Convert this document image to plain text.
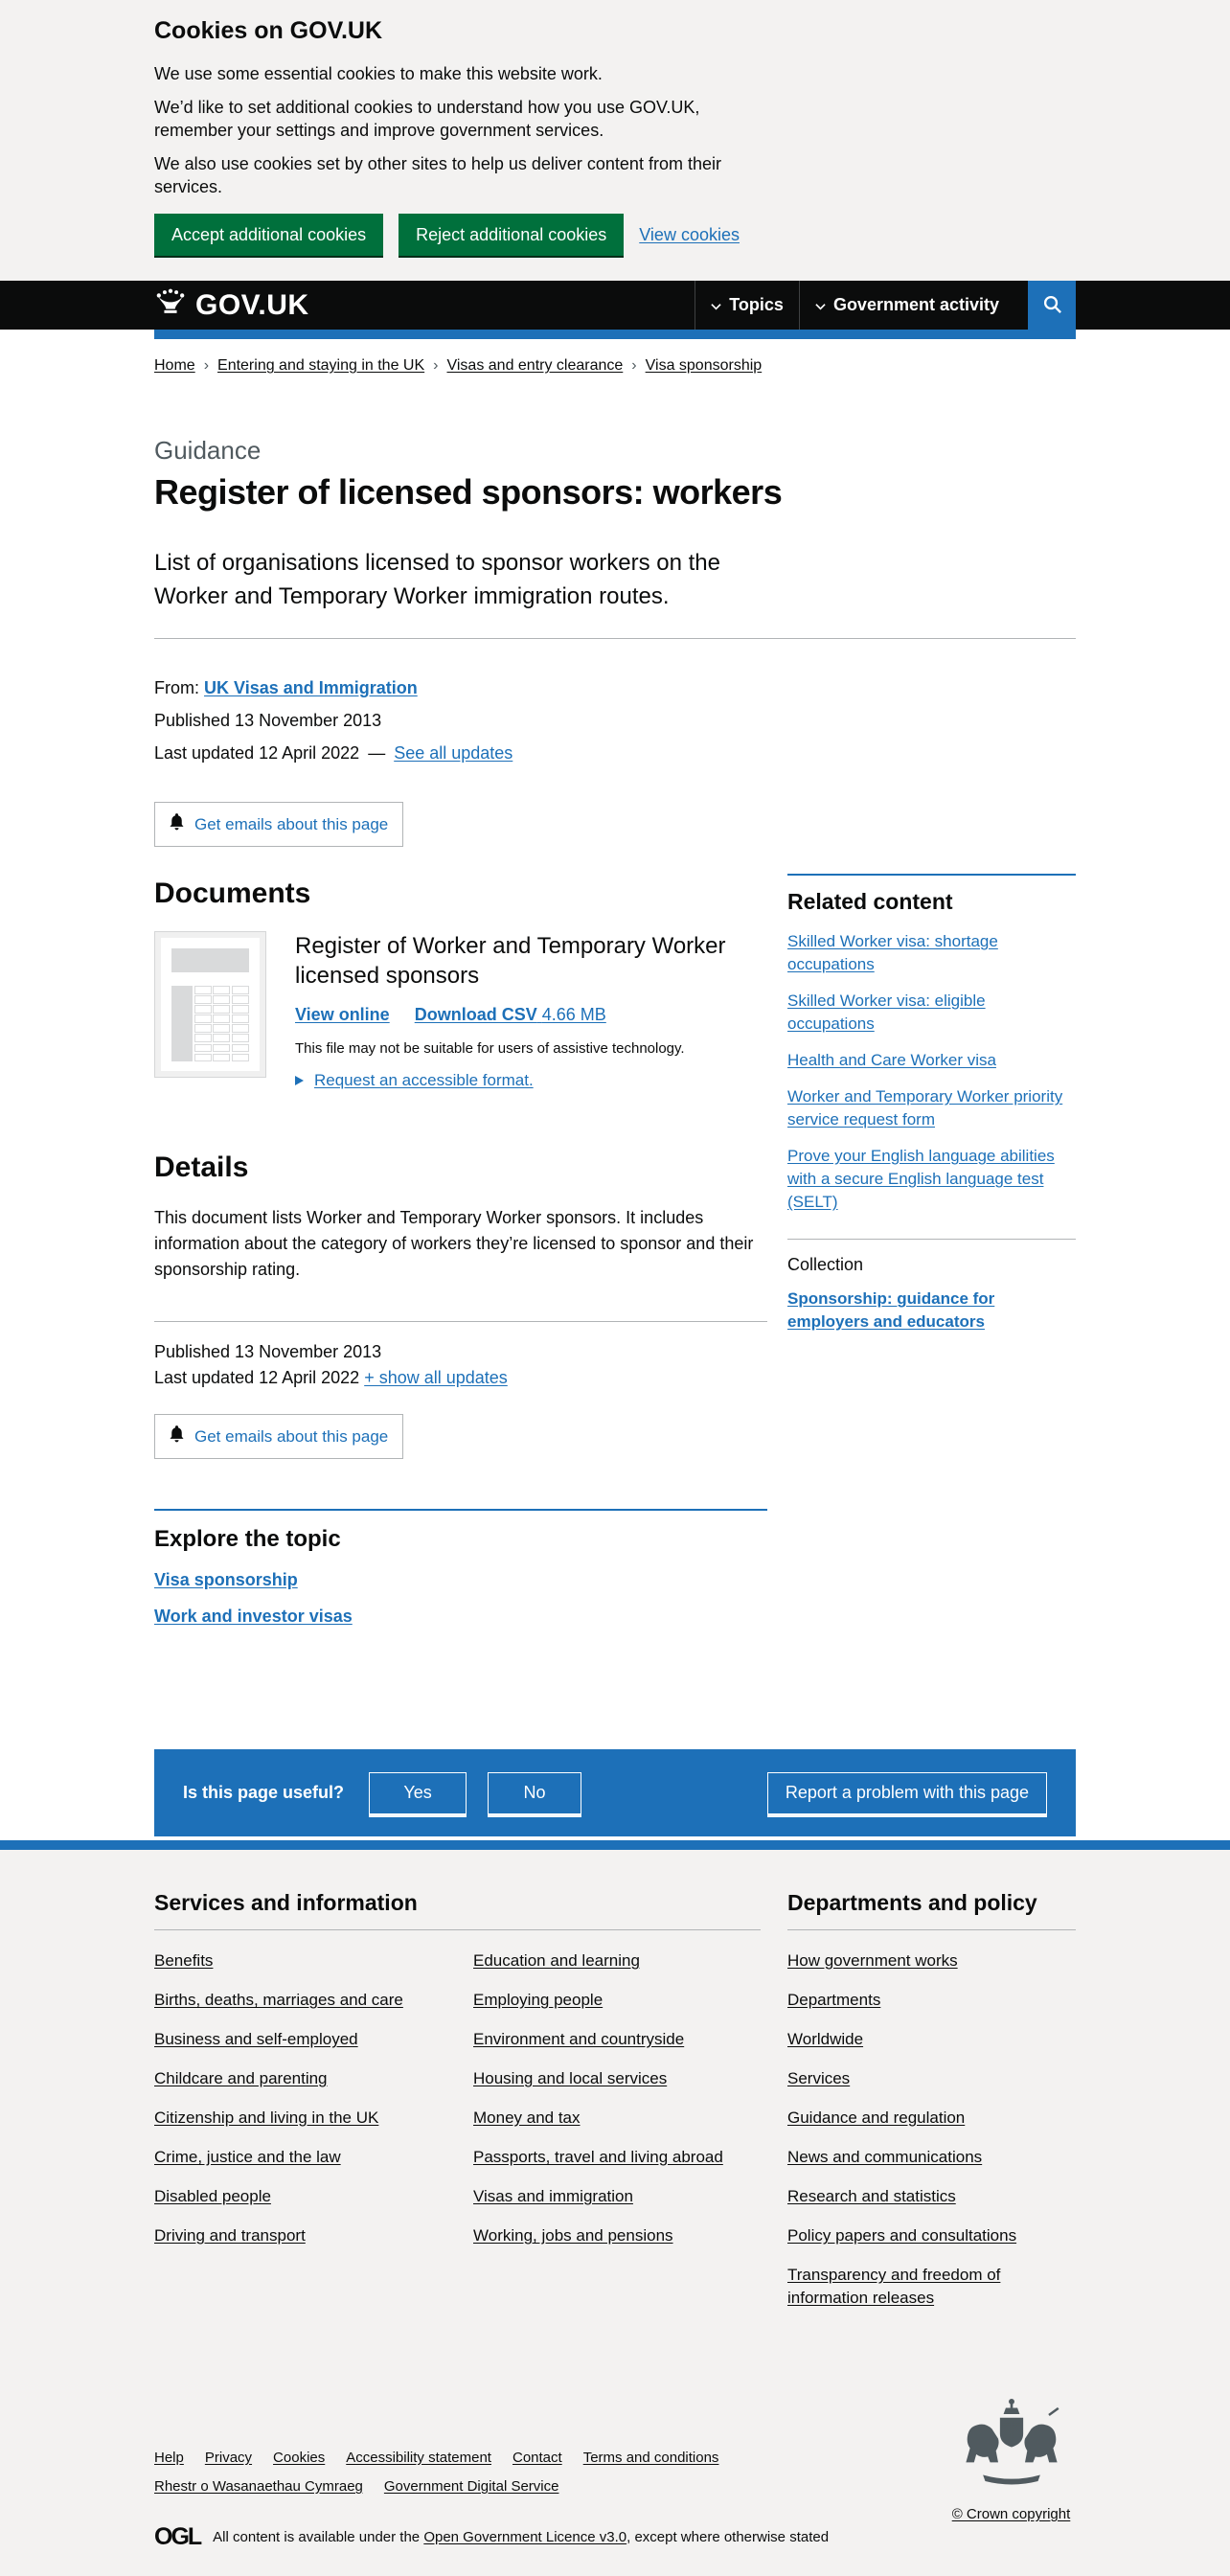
Cookies on GOV.UK

We use some essential cookies to make this website work.

We’d like to set additional cookies to understand how you use GOV.UK, remember your settings and improve government services.

We also use cookies set by other sites to help us deliver content from their services.

Accept additional cookies	Reject additional cookies	View cookies
GOV.UK	Topics	Government activity
Home › Entering and staying in the UK › Visas and entry clearance › Visa sponsorship

Guidance

Register of licensed sponsors: workers

List of organisations licensed to sponsor workers on the Worker and Temporary Worker immigration routes.

From: UK Visas and Immigration
Published 13 November 2013
Last updated 12 April 2022 — See all updates
Get emails about this page
Documents
Register of Worker and Temporary Worker licensed sponsors
View online Download CSV 4.66 MB

This file may not be suitable for users of assistive technology.

Request an accessible format.
Details

This document lists Worker and Temporary Worker sponsors. It includes information about the category of workers they’re licensed to sponsor and their sponsorship rating.

Published 13 November 2013
Last updated 12 April 2022 + show all updates
Get emails about this page
Explore the topic
Visa sponsorship
Work and investor visas
Related content
Skilled Worker visa: shortage occupations
Skilled Worker visa: eligible occupations
Health and Care Worker visa
Worker and Temporary Worker priority service request form
Prove your English language abilities with a secure English language test (SELT)

Collection

Sponsorship: guidance for employers and educators
Is this page useful?	Yes	No	Report a problem with this page
Services and information
Benefits
Births, deaths, marriages and care
Business and self-employed
Childcare and parenting
Citizenship and living in the UK
Crime, justice and the law
Disabled people
Driving and transport
Education and learning
Employing people
Environment and countryside
Housing and local services
Money and tax
Passports, travel and living abroad
Visas and immigration
Working, jobs and pensions
Departments and policy
How government works
Departments
Worldwide
Services
Guidance and regulation
News and communications
Research and statistics
Policy papers and consultations
Transparency and freedom of information releases
Help Privacy Cookies Accessibility statement Contact Terms and conditions
Rhestr o Wasanaethau Cymraeg Government Digital Service
OGL All content is available under the Open Government Licence v3.0, except where otherwise stated

© Crown copyright
